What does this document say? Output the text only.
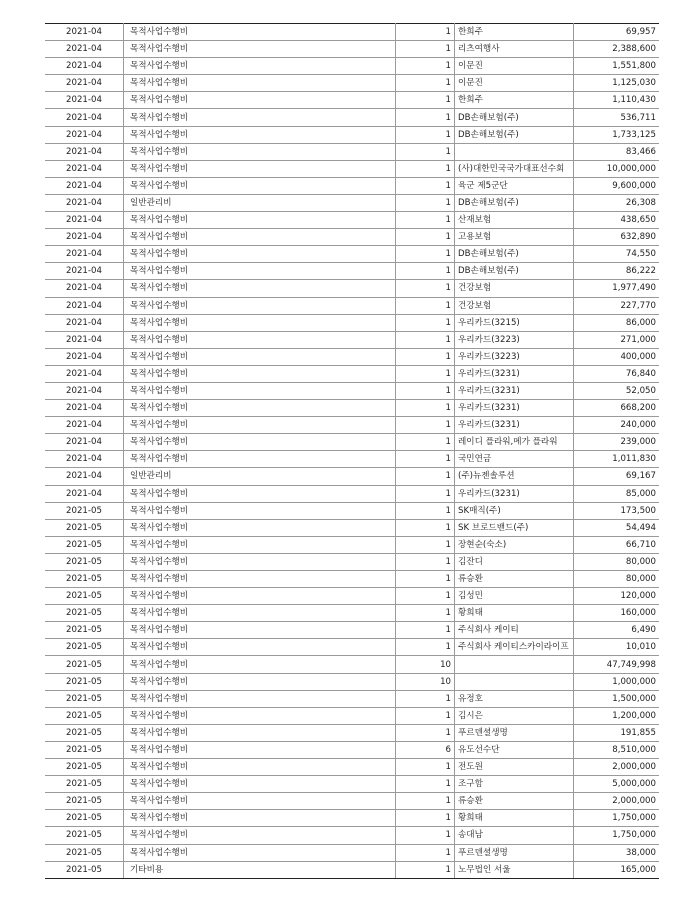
2021-04	목적사업수행비	1	한희주	69,957
2021-04	목적사업수행비	1	리츠여행사	2,388,600
2021-04	목적사업수행비	1	이문진	1,551,800
2021-04	목적사업수행비	1	이문진	1,125,030
2021-04	목적사업수행비	1	한희주	1,110,430
2021-04	목적사업수행비	1	DB손해보험(주)	536,711
2021-04	목적사업수행비	1	DB손해보험(주)	1,733,125
2021-04	목적사업수행비	1		83,466
2021-04	목적사업수행비	1	(사)대한민국국가대표선수회	10,000,000
2021-04	목적사업수행비	1	육군 제5군단	9,600,000
2021-04	일반관리비	1	DB손해보험(주)	26,308
2021-04	목적사업수행비	1	산재보험	438,650
2021-04	목적사업수행비	1	고용보험	632,890
2021-04	목적사업수행비	1	DB손해보험(주)	74,550
2021-04	목적사업수행비	1	DB손해보험(주)	86,222
2021-04	목적사업수행비	1	건강보험	1,977,490
2021-04	목적사업수행비	1	건강보험	227,770
2021-04	목적사업수행비	1	우리카드(3215)	86,000
2021-04	목적사업수행비	1	우리카드(3223)	271,000
2021-04	목적사업수행비	1	우리카드(3223)	400,000
2021-04	목적사업수행비	1	우리카드(3231)	76,840
2021-04	목적사업수행비	1	우리카드(3231)	52,050
2021-04	목적사업수행비	1	우리카드(3231)	668,200
2021-04	목적사업수행비	1	우리카드(3231)	240,000
2021-04	목적사업수행비	1	레이디 플라워,메가 플라워	239,000
2021-04	목적사업수행비	1	국민연금	1,011,830
2021-04	일반관리비	1	(주)뉴젠솔루션	69,167
2021-04	목적사업수행비	1	우리카드(3231)	85,000
2021-05	목적사업수행비	1	SK매직(주)	173,500
2021-05	목적사업수행비	1	SK 브로드밴드(주)	54,494
2021-05	목적사업수행비	1	장현순(숙소)	66,710
2021-05	목적사업수행비	1	김잔디	80,000
2021-05	목적사업수행비	1	류승환	80,000
2021-05	목적사업수행비	1	김성민	120,000
2021-05	목적사업수행비	1	황희태	160,000
2021-05	목적사업수행비	1	주식회사 케이티	6,490
2021-05	목적사업수행비	1	주식회사 케이티스카이라이프	10,010
2021-05	목적사업수행비	10		47,749,998
2021-05	목적사업수행비	10		1,000,000
2021-05	목적사업수행비	1	유정호	1,500,000
2021-05	목적사업수행비	1	김시은	1,200,000
2021-05	목적사업수행비	1	푸르덴셜생명	191,855
2021-05	목적사업수행비	6	유도선수단	8,510,000
2021-05	목적사업수행비	1	전도원	2,000,000
2021-05	목적사업수행비	1	조구함	5,000,000
2021-05	목적사업수행비	1	류승환	2,000,000
2021-05	목적사업수행비	1	황희태	1,750,000
2021-05	목적사업수행비	1	송대남	1,750,000
2021-05	목적사업수행비	1	푸르덴셜생명	38,000
2021-05	기타비용	1	노무법인 서울	165,000
